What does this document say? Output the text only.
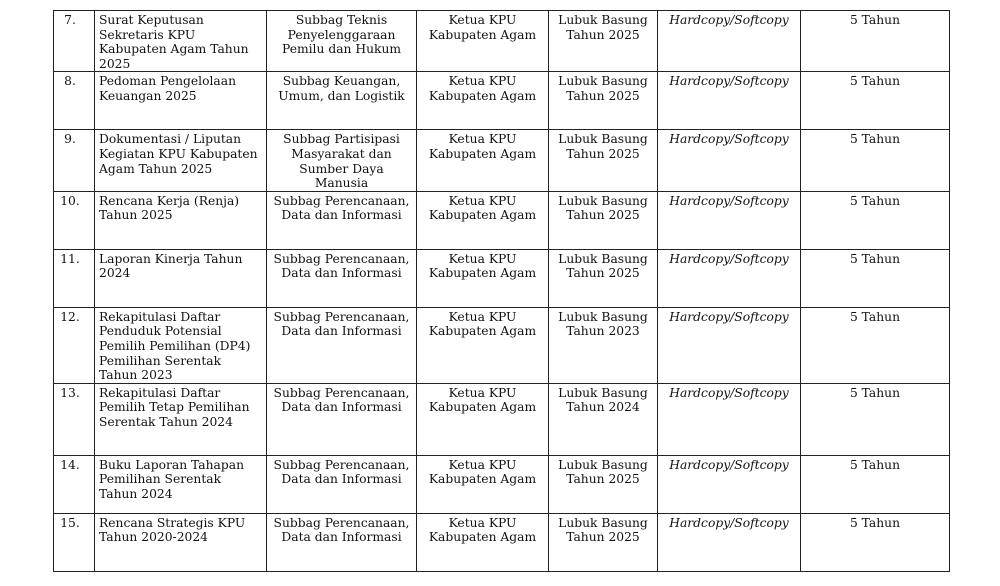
7.	Surat Keputusan Sekretaris KPU Kabupaten Agam Tahun 2025	Subbag Teknis Penyelenggaraan Pemilu dan Hukum	Ketua KPU Kabupaten Agam	Lubuk Basung Tahun 2025	Hardcopy/Softcopy	5 Tahun
8.	Pedoman Pengelolaan Keuangan 2025	Subbag Keuangan, Umum, dan Logistik	Ketua KPU Kabupaten Agam	Lubuk Basung Tahun 2025	Hardcopy/Softcopy	5 Tahun
9.	Dokumentasi / Liputan Kegiatan KPU Kabupaten Agam Tahun 2025	Subbag Partisipasi Masyarakat dan Sumber Daya Manusia	Ketua KPU Kabupaten Agam	Lubuk Basung Tahun 2025	Hardcopy/Softcopy	5 Tahun
10.	Rencana Kerja (Renja) Tahun 2025	Subbag Perencanaan, Data dan Informasi	Ketua KPU Kabupaten Agam	Lubuk Basung Tahun 2025	Hardcopy/Softcopy	5 Tahun
11.	Laporan Kinerja Tahun 2024	Subbag Perencanaan, Data dan Informasi	Ketua KPU Kabupaten Agam	Lubuk Basung Tahun 2025	Hardcopy/Softcopy	5 Tahun
12.	Rekapitulasi Daftar Penduduk Potensial Pemilih Pemilihan (DP4) Pemilihan Serentak Tahun 2023	Subbag Perencanaan, Data dan Informasi	Ketua KPU Kabupaten Agam	Lubuk Basung Tahun 2023	Hardcopy/Softcopy	5 Tahun
13.	Rekapitulasi Daftar Pemilih Tetap Pemilihan Serentak Tahun 2024	Subbag Perencanaan, Data dan Informasi	Ketua KPU Kabupaten Agam	Lubuk Basung Tahun 2024	Hardcopy/Softcopy	5 Tahun
14.	Buku Laporan Tahapan Pemilihan Serentak Tahun 2024	Subbag Perencanaan, Data dan Informasi	Ketua KPU Kabupaten Agam	Lubuk Basung Tahun 2025	Hardcopy/Softcopy	5 Tahun
15.	Rencana Strategis KPU Tahun 2020-2024	Subbag Perencanaan, Data dan Informasi	Ketua KPU Kabupaten Agam	Lubuk Basung Tahun 2025	Hardcopy/Softcopy	5 Tahun
